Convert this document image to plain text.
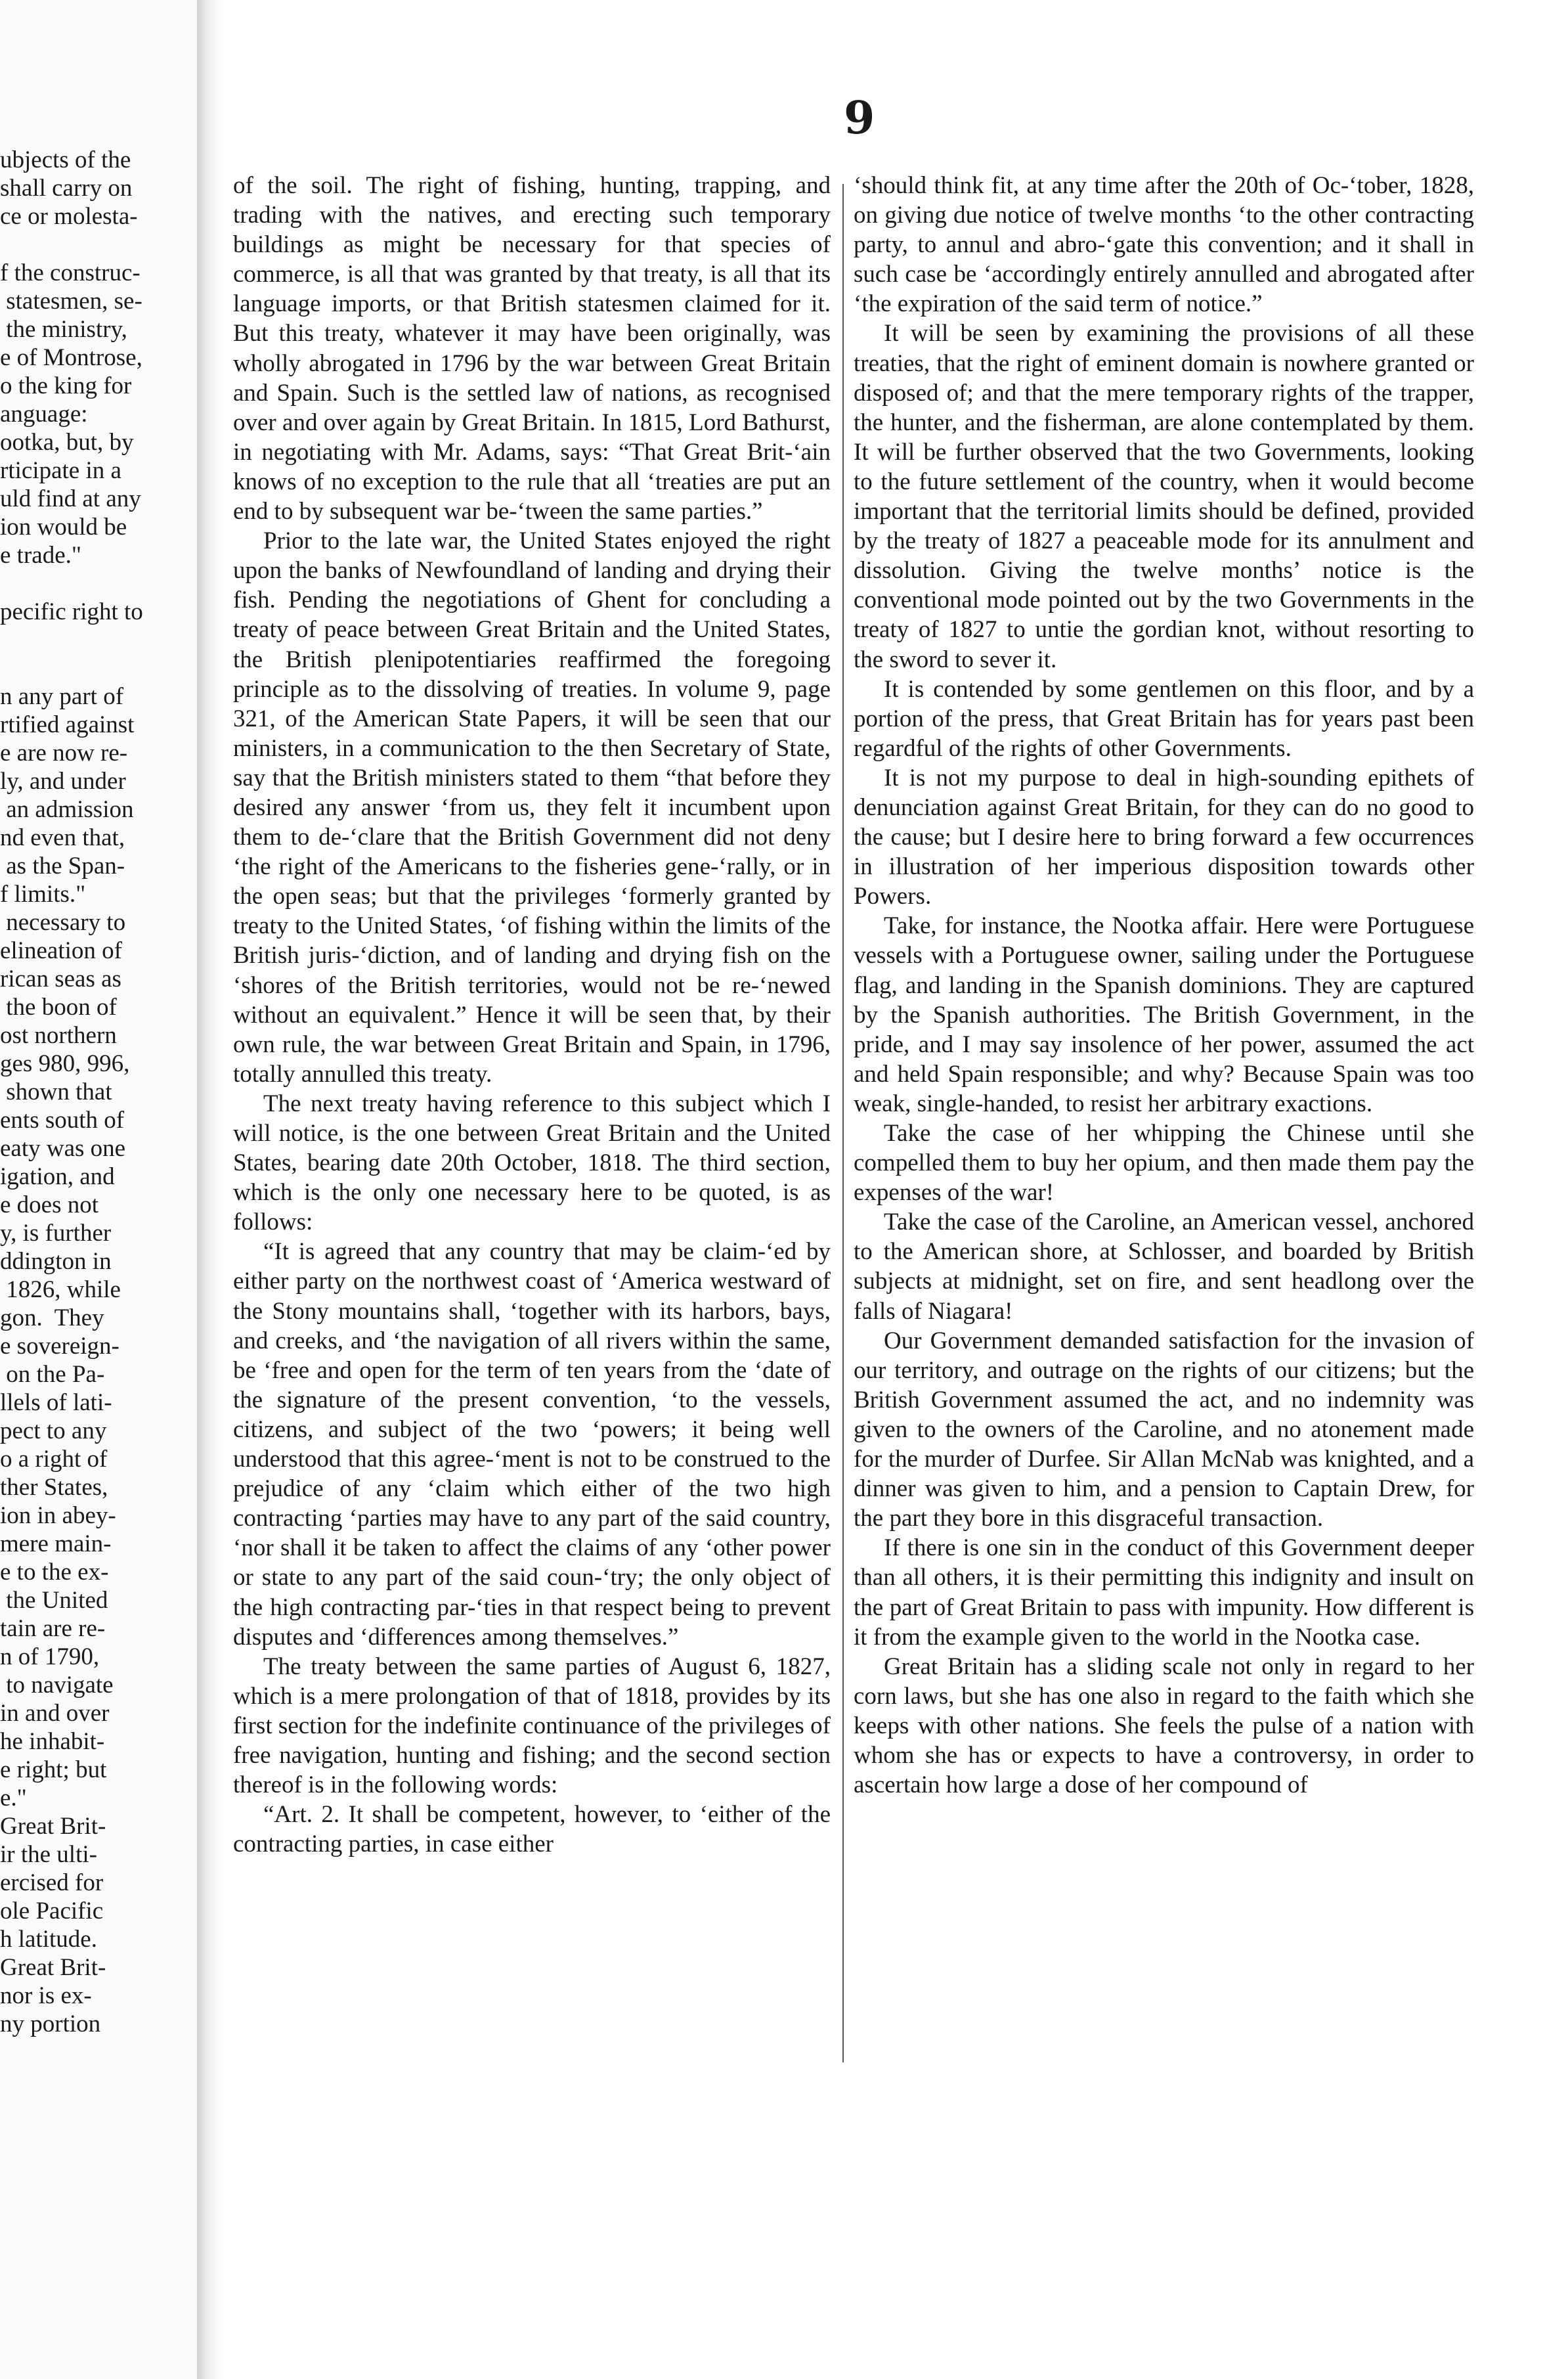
ubjects of the
shall carry on
ce or molesta-
f the construc-
statesmen, se-
the ministry,
e of Montrose,
o the king for
anguage:
ootka, but, by
rticipate in a
uld find at any
ion would be
e trade."
pecific right to
n any part of
rtified against
e are now re-
ly, and under
an admission
nd even that,
as the Span-
f limits."
necessary to
elineation of
rican seas as
the boon of
ost northern
ges 980, 996,
shown that
ents south of
eaty was one
igation, and
e does not
y, is further
ddington in
1826, while
gon.  They
e sovereign-
on the Pa-
llels of lati-
pect to any
o a right of
ther States,
ion in abey-
mere main-
e to the ex-
the United
tain are re-
n of 1790,
to navigate
in and over
he inhabit-
e right; but
e."
Great Brit-
ir the ulti-
ercised for
ole Pacific
h latitude.
Great Brit-
nor is ex-
ny portion
9

of the soil. The right of fishing, hunting, trapping, and trading with the natives, and erecting such temporary buildings as might be necessary for that species of commerce, is all that was granted by that treaty, is all that its language imports, or that British statesmen claimed for it. But this treaty, whatever it may have been originally, was wholly abrogated in 1796 by the war between Great Britain and Spain. Such is the settled law of nations, as recognised over and over again by Great Britain. In 1815, Lord Bathurst, in negotiating with Mr. Adams, says: “That Great Brit-‘ain knows of no exception to the rule that all ‘treaties are put an end to by subsequent war be-‘tween the same parties.”

Prior to the late war, the United States enjoyed the right upon the banks of Newfoundland of landing and drying their fish. Pending the negotiations of Ghent for concluding a treaty of peace between Great Britain and the United States, the British plenipotentiaries reaffirmed the foregoing principle as to the dissolving of treaties. In volume 9, page 321, of the American State Papers, it will be seen that our ministers, in a communication to the then Secretary of State, say that the British ministers stated to them “that before they desired any answer ‘from us, they felt it incumbent upon them to de-‘clare that the British Government did not deny ‘the right of the Americans to the fisheries gene-‘rally, or in the open seas; but that the privileges ‘formerly granted by treaty to the United States, ‘of fishing within the limits of the British juris-‘diction, and of landing and drying fish on the ‘shores of the British territories, would not be re-‘newed without an equivalent.” Hence it will be seen that, by their own rule, the war between Great Britain and Spain, in 1796, totally annulled this treaty.

The next treaty having reference to this subject which I will notice, is the one between Great Britain and the United States, bearing date 20th October, 1818. The third section, which is the only one necessary here to be quoted, is as follows:

“It is agreed that any country that may be claim-‘ed by either party on the northwest coast of ‘America westward of the Stony mountains shall, ‘together with its harbors, bays, and creeks, and ‘the navigation of all rivers within the same, be ‘free and open for the term of ten years from the ‘date of the signature of the present convention, ‘to the vessels, citizens, and subject of the two ‘powers; it being well understood that this agree-‘ment is not to be construed to the prejudice of any ‘claim which either of the two high contracting ‘parties may have to any part of the said country, ‘nor shall it be taken to affect the claims of any ‘other power or state to any part of the said coun-‘try; the only object of the high contracting par-‘ties in that respect being to prevent disputes and ‘differences among themselves.”

The treaty between the same parties of August 6, 1827, which is a mere prolongation of that of 1818, provides by its first section for the indefinite continuance of the privileges of free navigation, hunting and fishing; and the second section thereof is in the following words:

“Art. 2. It shall be competent, however, to ‘either of the contracting parties, in case either

‘should think fit, at any time after the 20th of Oc-‘tober, 1828, on giving due notice of twelve months ‘to the other contracting party, to annul and abro-‘gate this convention; and it shall in such case be ‘accordingly entirely annulled and abrogated after ‘the expiration of the said term of notice.”

It will be seen by examining the provisions of all these treaties, that the right of eminent domain is nowhere granted or disposed of; and that the mere temporary rights of the trapper, the hunter, and the fisherman, are alone contemplated by them. It will be further observed that the two Governments, looking to the future settlement of the country, when it would become important that the territorial limits should be defined, provided by the treaty of 1827 a peaceable mode for its annulment and dissolution. Giving the twelve months’ notice is the conventional mode pointed out by the two Governments in the treaty of 1827 to untie the gordian knot, without resorting to the sword to sever it.

It is contended by some gentlemen on this floor, and by a portion of the press, that Great Britain has for years past been regardful of the rights of other Governments.

It is not my purpose to deal in high-sounding epithets of denunciation against Great Britain, for they can do no good to the cause; but I desire here to bring forward a few occurrences in illustration of her imperious disposition towards other Powers.

Take, for instance, the Nootka affair. Here were Portuguese vessels with a Portuguese owner, sailing under the Portuguese flag, and landing in the Spanish dominions. They are captured by the Spanish authorities. The British Government, in the pride, and I may say insolence of her power, assumed the act and held Spain responsible; and why? Because Spain was too weak, single-handed, to resist her arbitrary exactions.

Take the case of her whipping the Chinese until she compelled them to buy her opium, and then made them pay the expenses of the war!

Take the case of the Caroline, an American vessel, anchored to the American shore, at Schlosser, and boarded by British subjects at midnight, set on fire, and sent headlong over the falls of Niagara!

Our Government demanded satisfaction for the invasion of our territory, and outrage on the rights of our citizens; but the British Government assumed the act, and no indemnity was given to the owners of the Caroline, and no atonement made for the murder of Durfee. Sir Allan McNab was knighted, and a dinner was given to him, and a pension to Captain Drew, for the part they bore in this disgraceful transaction.

If there is one sin in the conduct of this Government deeper than all others, it is their permitting this indignity and insult on the part of Great Britain to pass with impunity. How different is it from the example given to the world in the Nootka case.

Great Britain has a sliding scale not only in regard to her corn laws, but she has one also in regard to the faith which she keeps with other nations. She feels the pulse of a nation with whom she has or expects to have a controversy, in order to ascertain how large a dose of her compound of
